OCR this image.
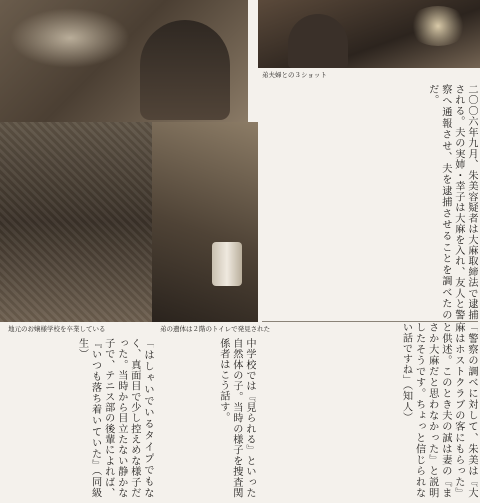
弟夫婦との３ショット
地元のお嬢様学校を卒業している	弟の遺体は２階のトイレで発見された
二〇〇六年九月、朱美容疑者は大麻取締法で逮捕される。夫の実姉・幸子は大麻を入れ、友人と警察へ通報させ、夫を逮捕させることを調べたのだ。
「はしゃいでいるタイプでもなく、真面目で少し控えめな様子だった。当時から目立たない静かな子で、テニス部の後輩によれば、『いつも落ち着いていた』（同級生）	中学校では『見られる』といった自然体の子。当時の様子を捜査関係者はこう話す。	「警察の調べに対して、朱美は『大麻はホストクラブの客にもらった』と供述。このとき夫の誠は妻の『まさか大麻だと思わなかった』と説明したそうです。ちょっと信じられない話ですね」（知人）
